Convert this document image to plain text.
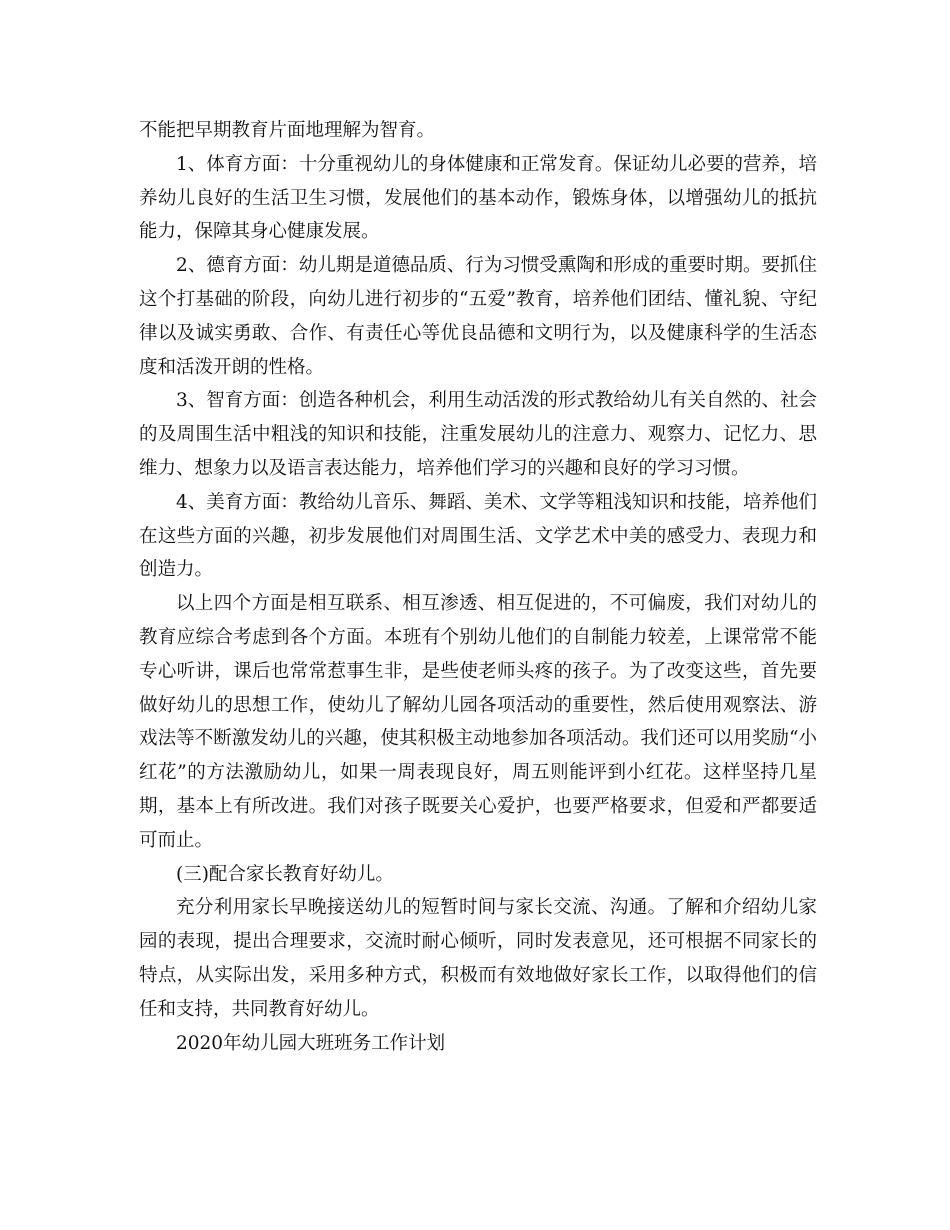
不能把早期教育片面地理解为智育。

1、体育方面：十分重视幼儿的身体健康和正常发育。保证幼儿必要的营养，培养幼儿良好的生活卫生习惯，发展他们的基本动作，锻炼身体，以增强幼儿的抵抗能力，保障其身心健康发展。

2、德育方面：幼儿期是道德品质、行为习惯受熏陶和形成的重要时期。要抓住这个打基础的阶段，向幼儿进行初步的“五爱”教育，培养他们团结、懂礼貌、守纪律以及诚实勇敢、合作、有责任心等优良品德和文明行为，以及健康科学的生活态度和活泼开朗的性格。

3、智育方面：创造各种机会，利用生动活泼的形式教给幼儿有关自然的、社会的及周围生活中粗浅的知识和技能，注重发展幼儿的注意力、观察力、记忆力、思维力、想象力以及语言表达能力，培养他们学习的兴趣和良好的学习习惯。

4、美育方面：教给幼儿音乐、舞蹈、美术、文学等粗浅知识和技能，培养他们在这些方面的兴趣，初步发展他们对周围生活、文学艺术中美的感受力、表现力和创造力。

以上四个方面是相互联系、相互渗透、相互促进的，不可偏废，我们对幼儿的教育应综合考虑到各个方面。本班有个别幼儿他们的自制能力较差，上课常常不能专心听讲，课后也常常惹事生非，是些使老师头疼的孩子。为了改变这些，首先要做好幼儿的思想工作，使幼儿了解幼儿园各项活动的重要性，然后使用观察法、游戏法等不断激发幼儿的兴趣，使其积极主动地参加各项活动。我们还可以用奖励“小红花”的方法激励幼儿，如果一周表现良好，周五则能评到小红花。这样坚持几星期，基本上有所改进。我们对孩子既要关心爱护，也要严格要求，但爱和严都要适可而止。

(三)配合家长教育好幼儿。

充分利用家长早晚接送幼儿的短暂时间与家长交流、沟通。了解和介绍幼儿家园的表现，提出合理要求，交流时耐心倾听，同时发表意见，还可根据不同家长的特点，从实际出发，采用多种方式，积极而有效地做好家长工作，以取得他们的信任和支持，共同教育好幼儿。

2020年幼儿园大班班务工作计划
